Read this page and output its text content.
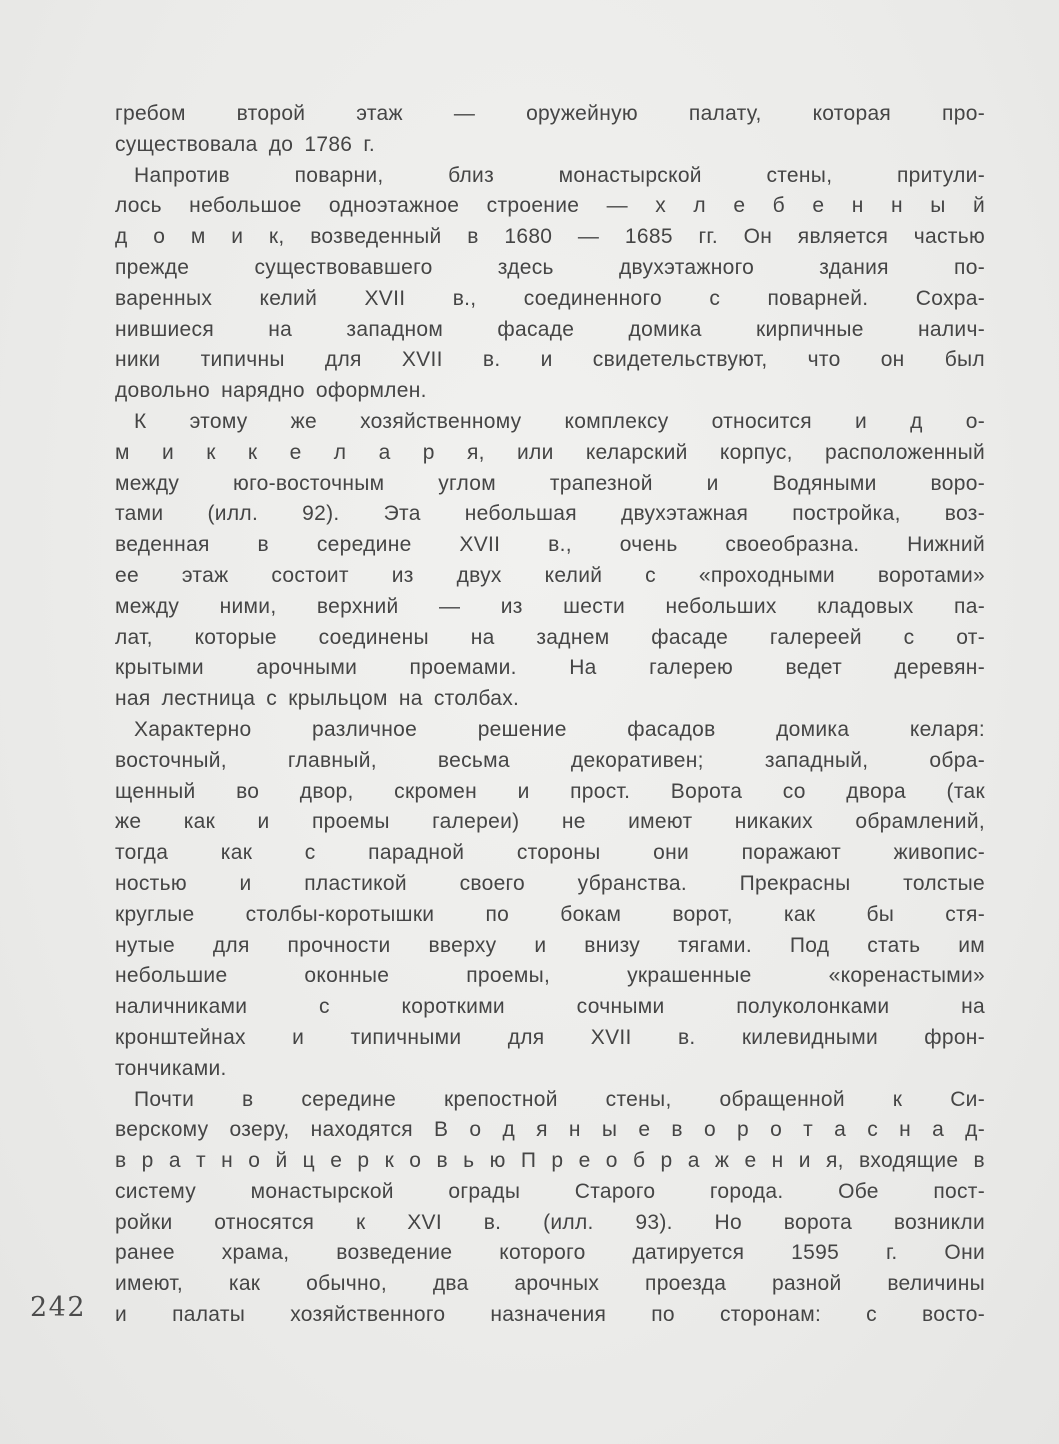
242
гребом второй этаж — оружейную палату, которая про-
существовала до 1786 г.
Напротив поварни, близ монастырской стены, притули-
лось небольшое одноэтажное строение — х л е б е н н ы й
д о м и к, возведенный в 1680 — 1685 гг. Он является частью
прежде существовавшего здесь двухэтажного здания по-
варенных келий XVII в., соединенного с поварней. Сохра-
нившиеся на западном фасаде домика кирпичные налич-
ники типичны для XVII в. и свидетельствуют, что он был
довольно нарядно оформлен.
К этому же хозяйственному комплексу относится и д о-
м и к к е л а р я, или келарский корпус, расположенный
между юго-восточным углом трапезной и Водяными воро-
тами (илл. 92). Эта небольшая двухэтажная постройка, воз-
веденная в середине XVII в., очень своеобразна. Нижний
ее этаж состоит из двух келий с «проходными воротами»
между ними, верхний — из шести небольших кладовых па-
лат, которые соединены на заднем фасаде галереей с от-
крытыми арочными проемами. На галерею ведет деревян-
ная лестница с крыльцом на столбах.
Характерно различное решение фасадов домика келаря:
восточный, главный, весьма декоративен; западный, обра-
щенный во двор, скромен и прост. Ворота со двора (так
же как и проемы галереи) не имеют никаких обрамлений,
тогда как с парадной стороны они поражают живопис-
ностью и пластикой своего убранства. Прекрасны толстые
круглые столбы-коротышки по бокам ворот, как бы стя-
нутые для прочности вверху и внизу тягами. Под стать им
небольшие оконные проемы, украшенные «коренастыми»
наличниками с короткими сочными полуколонками на
кронштейнах и типичными для XVII в. килевидными фрон-
тончиками.
Почти в середине крепостной стены, обращенной к Си-
верскому озеру, находятся В о д я н ы е в о р о т а с н а д-
в р а т н о й ц е р к о в ь ю П р е о б р а ж е н и я, входящие в
систему монастырской ограды Старого города. Обе пост-
ройки относятся к XVI в. (илл. 93). Но ворота возникли
ранее храма, возведение которого датируется 1595 г. Они
имеют, как обычно, два арочных проезда разной величины
и палаты хозяйственного назначения по сторонам: с восто-
